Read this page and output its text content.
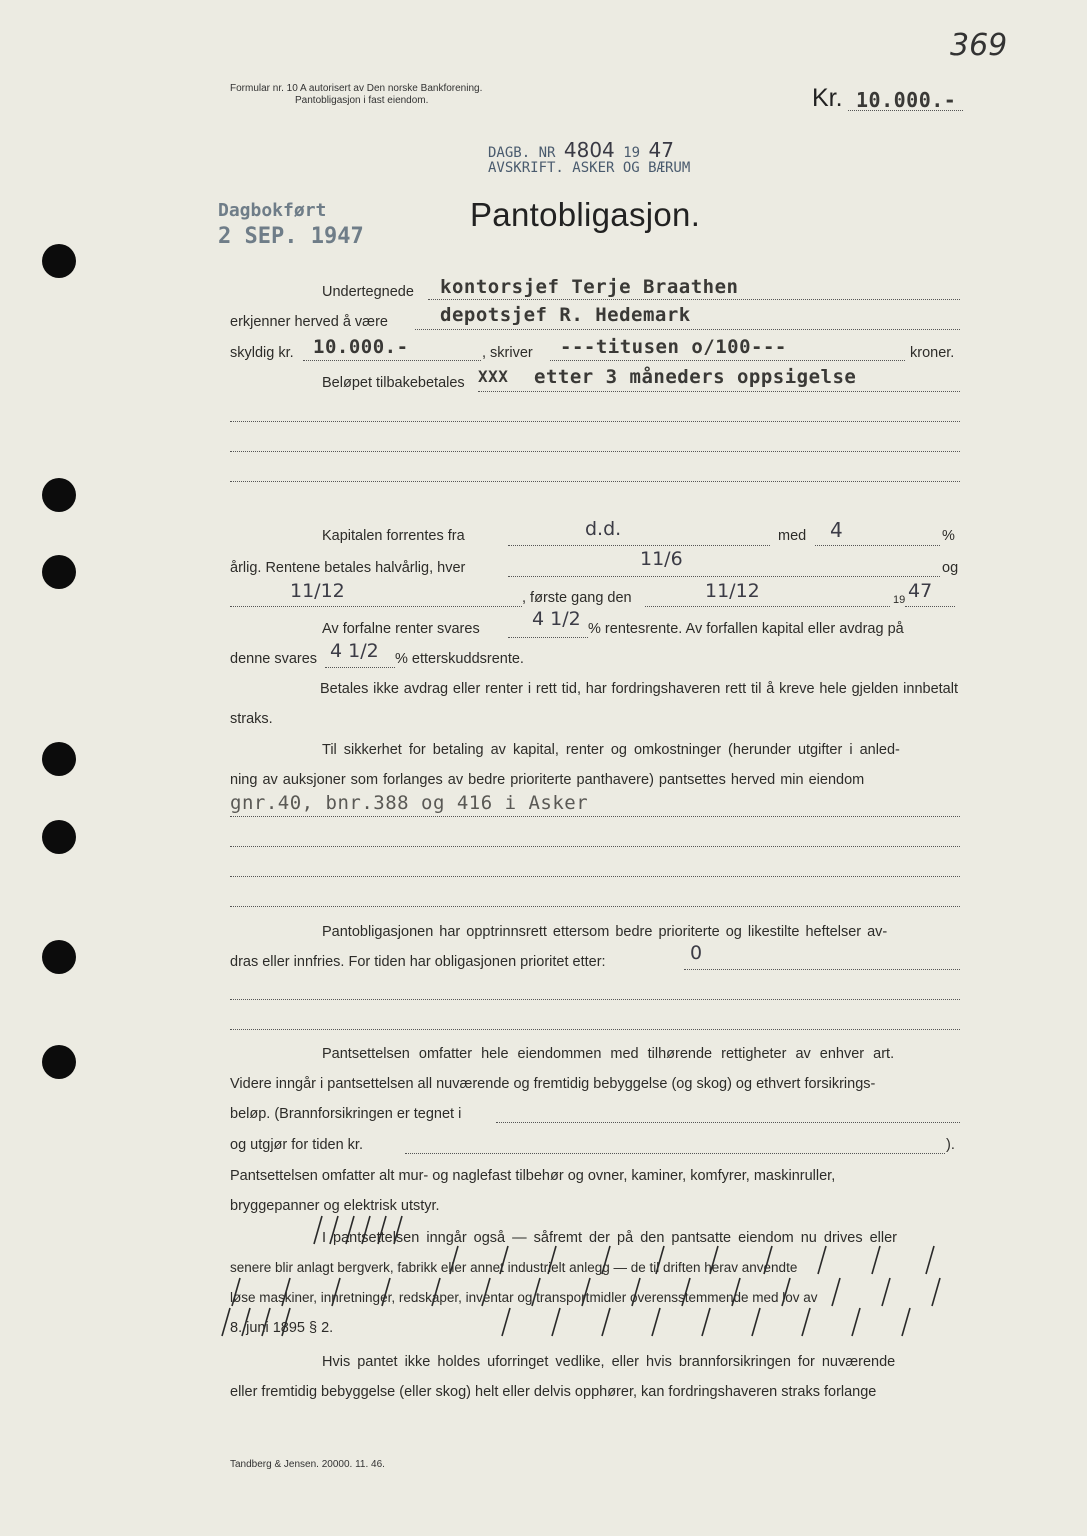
Formular nr. 10 A autorisert av Den norske Bankforening.
Pantobligasjon i fast eiendom.	Kr. 10.000.-
369
DAGB. NR 4804 19 47
AVSKRIFT. ASKER OG BÆRUM
Dagbokført
2 SEP. 1947
Pantobligasjon.
Undertegnede kontorsjef Terje Braathen
erkjenner herved å være	depotsjef R. Hedemark
skyldig kr. 10.000.-	, skriver ---titusen o/100---	kroner.
Beløpet tilbakebetales XXX etter 3 måneders oppsigelse
Kapitalen forrentes fra	d.d.	med 4	%
årlig. Rentene betales halvårlig, hver	11/6	og
11/12	, første gang den	11/12	19 47
Av forfalne renter svares	4 1/2 % rentesrente. Av forfallen kapital eller avdrag på
denne svares 4 1/2 % etterskuddsrente.
Betales ikke avdrag eller renter i rett tid, har fordringshaveren rett til å kreve hele gjelden innbetalt straks.
Til sikkerhet for betaling av kapital, renter og omkostninger (herunder utgifter i anled-
ning av auksjoner som forlanges av bedre prioriterte panthavere) pantsettes herved min eiendom
gnr.40, bnr.388 og 416 i Asker
Pantobligasjonen har opptrinnsrett ettersom bedre prioriterte og likestilte heftelser av-
dras eller innfries. For tiden har obligasjonen prioritet etter:	0
Pantsettelsen omfatter hele eiendommen med tilhørende rettigheter av enhver art.
Videre inngår i pantsettelsen all nuværende og fremtidig bebyggelse (og skog) og ethvert forsikrings-
beløp. (Brannforsikringen er tegnet i
og utgjør for tiden kr.	).
Pantsettelsen omfatter alt mur- og naglefast tilbehør og ovner, kaminer, komfyrer, maskinruller,
bryggepanner og elektrisk utstyr.
I pantsettelsen inngår også — såfremt der på den pantsatte eiendom nu drives eller
senere blir anlagt bergverk, fabrikk eller annet industrielt anlegg — de til driften herav anvendte
løse maskiner, innretninger, redskaper, inventar og transportmidler overensstemmende med lov av
8. juni 1895 § 2.
Hvis pantet ikke holdes uforringet vedlike, eller hvis brannforsikringen for nuværende
eller fremtidig bebyggelse (eller skog) helt eller delvis opphører, kan fordringshaveren straks forlange
Tandberg & Jensen. 20000. 11. 46.
